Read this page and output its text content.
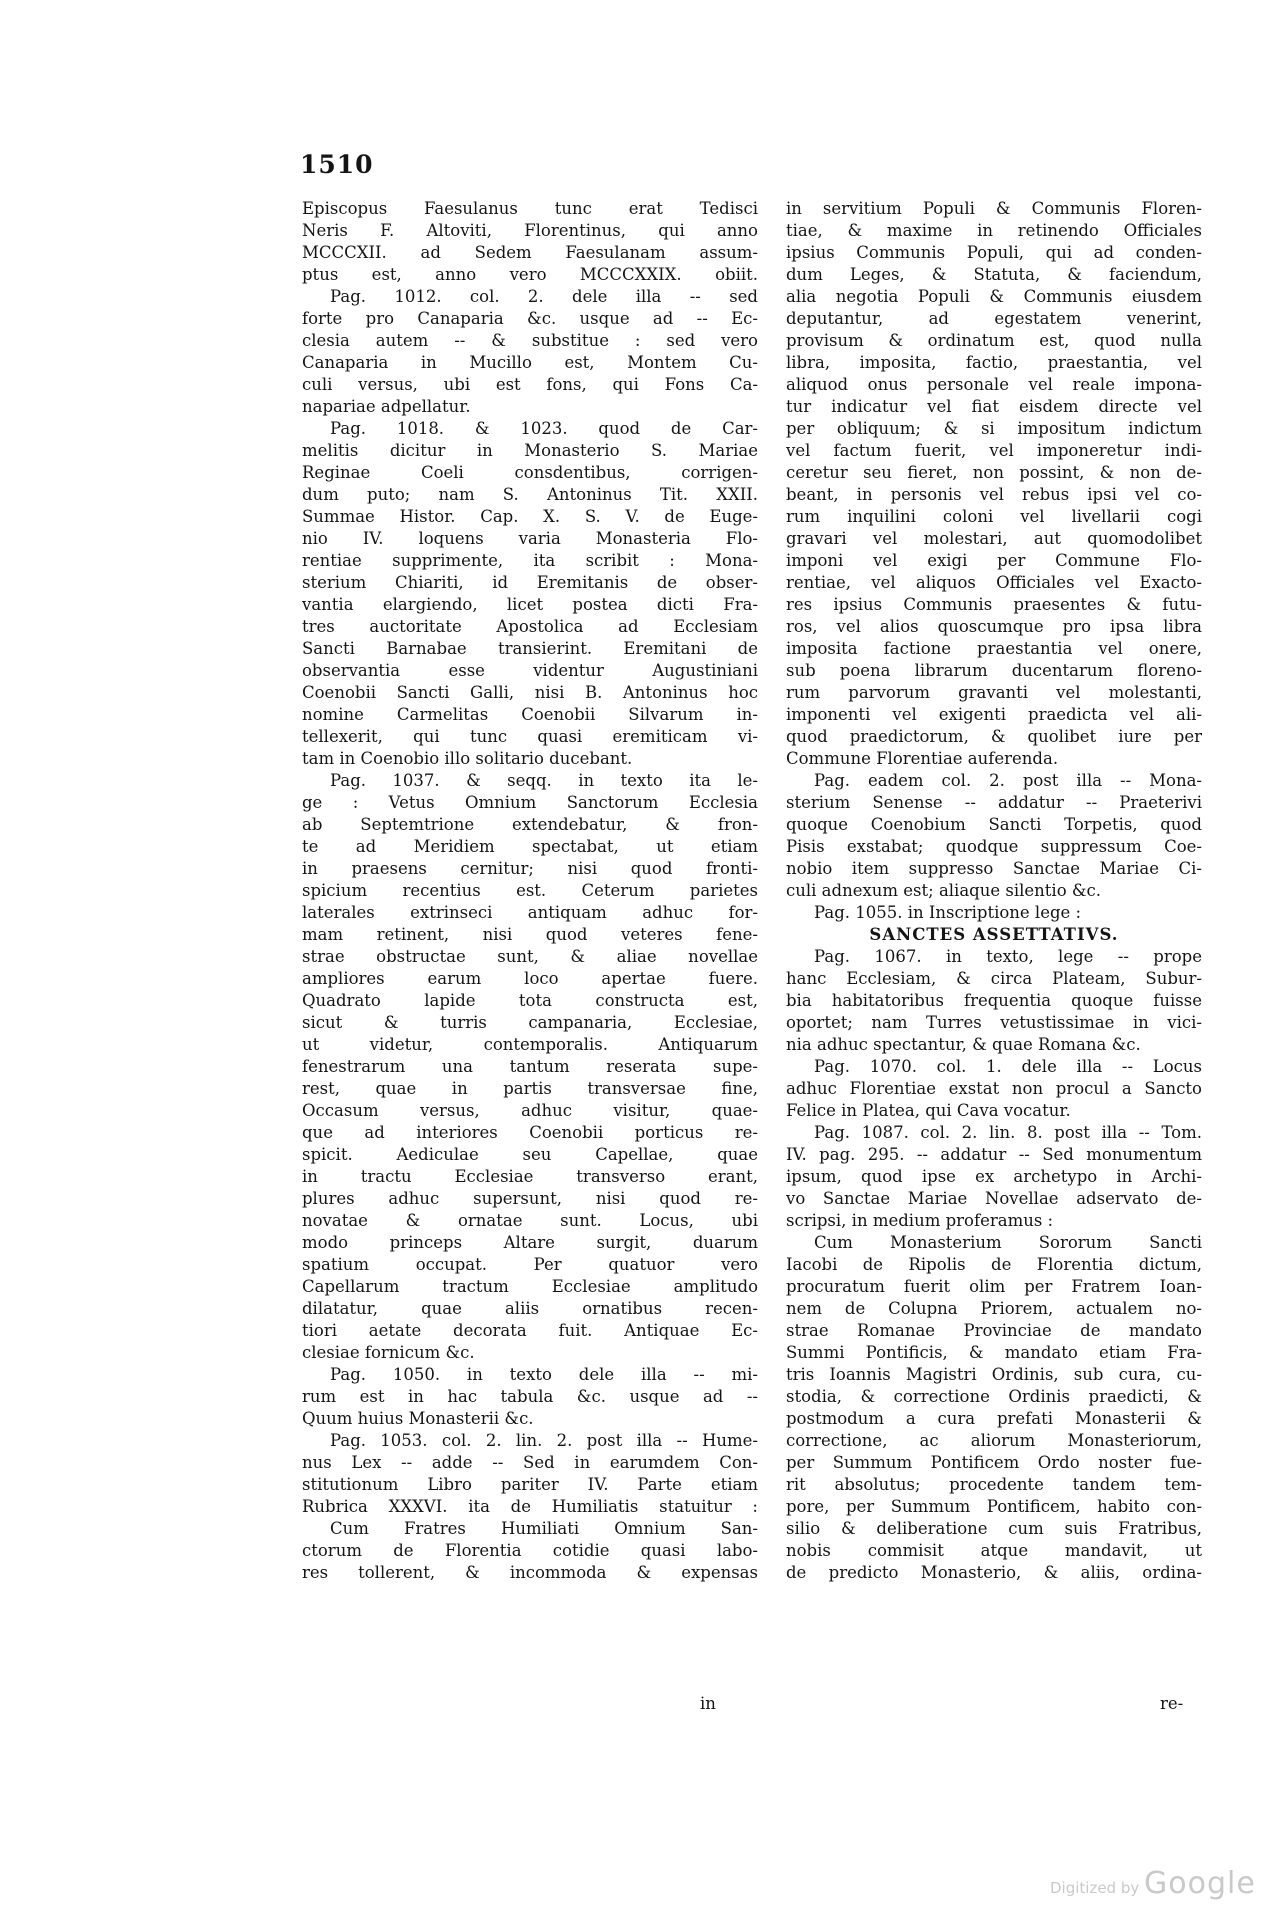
1510
Episcopus Faesulanus tunc erat Tedisci
Neris F. Altoviti, Florentinus, qui anno
MCCCXII. ad Sedem Faesulanam assum-
ptus est, anno vero MCCCXXIX. obiit.
Pag. 1012. col. 2. dele illa -- sed
forte pro Canaparia &c. usque ad -- Ec-
clesia autem -- & substitue : sed vero
Canaparia in Mucillo est, Montem Cu-
culi versus, ubi est fons, qui Fons Ca-
napariae adpellatur.
Pag. 1018. & 1023. quod de Car-
melitis dicitur in Monasterio S. Mariae
Reginae Coeli consdentibus, corrigen-
dum puto; nam S. Antoninus Tit. XXII.
Summae Histor. Cap. X. S. V. de Euge-
nio IV. loquens varia Monasteria Flo-
rentiae supprimente, ita scribit : Mona-
sterium Chiariti, id Eremitanis de obser-
vantia elargiendo, licet postea dicti Fra-
tres auctoritate Apostolica ad Ecclesiam
Sancti Barnabae transierint. Eremitani de
observantia esse videntur Augustiniani
Coenobii Sancti Galli, nisi B. Antoninus hoc
nomine Carmelitas Coenobii Silvarum in-
tellexerit, qui tunc quasi eremiticam vi-
tam in Coenobio illo solitario ducebant.
Pag. 1037. & seqq. in texto ita le-
ge : Vetus Omnium Sanctorum Ecclesia
ab Septemtrione extendebatur, & fron-
te ad Meridiem spectabat, ut etiam
in praesens cernitur; nisi quod fronti-
spicium recentius est. Ceterum parietes
laterales extrinseci antiquam adhuc for-
mam retinent, nisi quod veteres fene-
strae obstructae sunt, & aliae novellae
ampliores earum loco apertae fuere.
Quadrato lapide tota constructa est,
sicut & turris campanaria, Ecclesiae,
ut videtur, contemporalis. Antiquarum
fenestrarum una tantum reserata supe-
rest, quae in partis transversae fine,
Occasum versus, adhuc visitur, quae-
que ad interiores Coenobii porticus re-
spicit. Aediculae seu Capellae, quae
in tractu Ecclesiae transverso erant,
plures adhuc supersunt, nisi quod re-
novatae & ornatae sunt. Locus, ubi
modo princeps Altare surgit, duarum
spatium occupat. Per quatuor vero
Capellarum tractum Ecclesiae amplitudo
dilatatur, quae aliis ornatibus recen-
tiori aetate decorata fuit. Antiquae Ec-
clesiae fornicum &c.
Pag. 1050. in texto dele illa -- mi-
rum est in hac tabula &c. usque ad --
Quum huius Monasterii &c.
Pag. 1053. col. 2. lin. 2. post illa -- Hume-
nus Lex -- adde -- Sed in earumdem Con-
stitutionum Libro pariter IV. Parte etiam
Rubrica XXXVI. ita de Humiliatis statuitur :
Cum Fratres Humiliati Omnium San-
ctorum de Florentia cotidie quasi labo-
res tollerent, & incommoda & expensas
in servitium Populi & Communis Floren-
tiae, & maxime in retinendo Officiales
ipsius Communis Populi, qui ad conden-
dum Leges, & Statuta, & faciendum,
alia negotia Populi & Communis eiusdem
deputantur, ad egestatem venerint,
provisum & ordinatum est, quod nulla
libra, imposita, factio, praestantia, vel
aliquod onus personale vel reale impona-
tur indicatur vel fiat eisdem directe vel
per obliquum; & si impositum indictum
vel factum fuerit, vel imponeretur indi-
ceretur seu fieret, non possint, & non de-
beant, in personis vel rebus ipsi vel co-
rum inquilini coloni vel livellarii cogi
gravari vel molestari, aut quomodolibet
imponi vel exigi per Commune Flo-
rentiae, vel aliquos Officiales vel Exacto-
res ipsius Communis praesentes & futu-
ros, vel alios quoscumque pro ipsa libra
imposita factione praestantia vel onere,
sub poena librarum ducentarum floreno-
rum parvorum gravanti vel molestanti,
imponenti vel exigenti praedicta vel ali-
quod praedictorum, & quolibet iure per
Commune Florentiae auferenda.
Pag. eadem col. 2. post illa -- Mona-
sterium Senense -- addatur -- Praeterivi
quoque Coenobium Sancti Torpetis, quod
Pisis exstabat; quodque suppressum Coe-
nobio item suppresso Sanctae Mariae Ci-
culi adnexum est; aliaque silentio &c.
Pag. 1055. in Inscriptione lege :
SANCTES ASSETTATIVS.
Pag. 1067. in texto, lege -- prope
hanc Ecclesiam, & circa Plateam, Subur-
bia habitatoribus frequentia quoque fuisse
oportet; nam Turres vetustissimae in vici-
nia adhuc spectantur, & quae Romana &c.
Pag. 1070. col. 1. dele illa -- Locus
adhuc Florentiae exstat non procul a Sancto
Felice in Platea, qui Cava vocatur.
Pag. 1087. col. 2. lin. 8. post illa -- Tom.
IV. pag. 295. -- addatur -- Sed monumentum
ipsum, quod ipse ex archetypo in Archi-
vo Sanctae Mariae Novellae adservato de-
scripsi, in medium proferamus :
Cum Monasterium Sororum Sancti
Iacobi de Ripolis de Florentia dictum,
procuratum fuerit olim per Fratrem Ioan-
nem de Colupna Priorem, actualem no-
strae Romanae Provinciae de mandato
Summi Pontificis, & mandato etiam Fra-
tris Ioannis Magistri Ordinis, sub cura, cu-
stodia, & correctione Ordinis praedicti, &
postmodum a cura prefati Monasterii &
correctione, ac aliorum Monasteriorum,
per Summum Pontificem Ordo noster fue-
rit absolutus; procedente tandem tem-
pore, per Summum Pontificem, habito con-
silio & deliberatione cum suis Fratribus,
nobis commisit atque mandavit, ut
de predicto Monasterio, & aliis, ordina-
in	re-
Digitized by Google
